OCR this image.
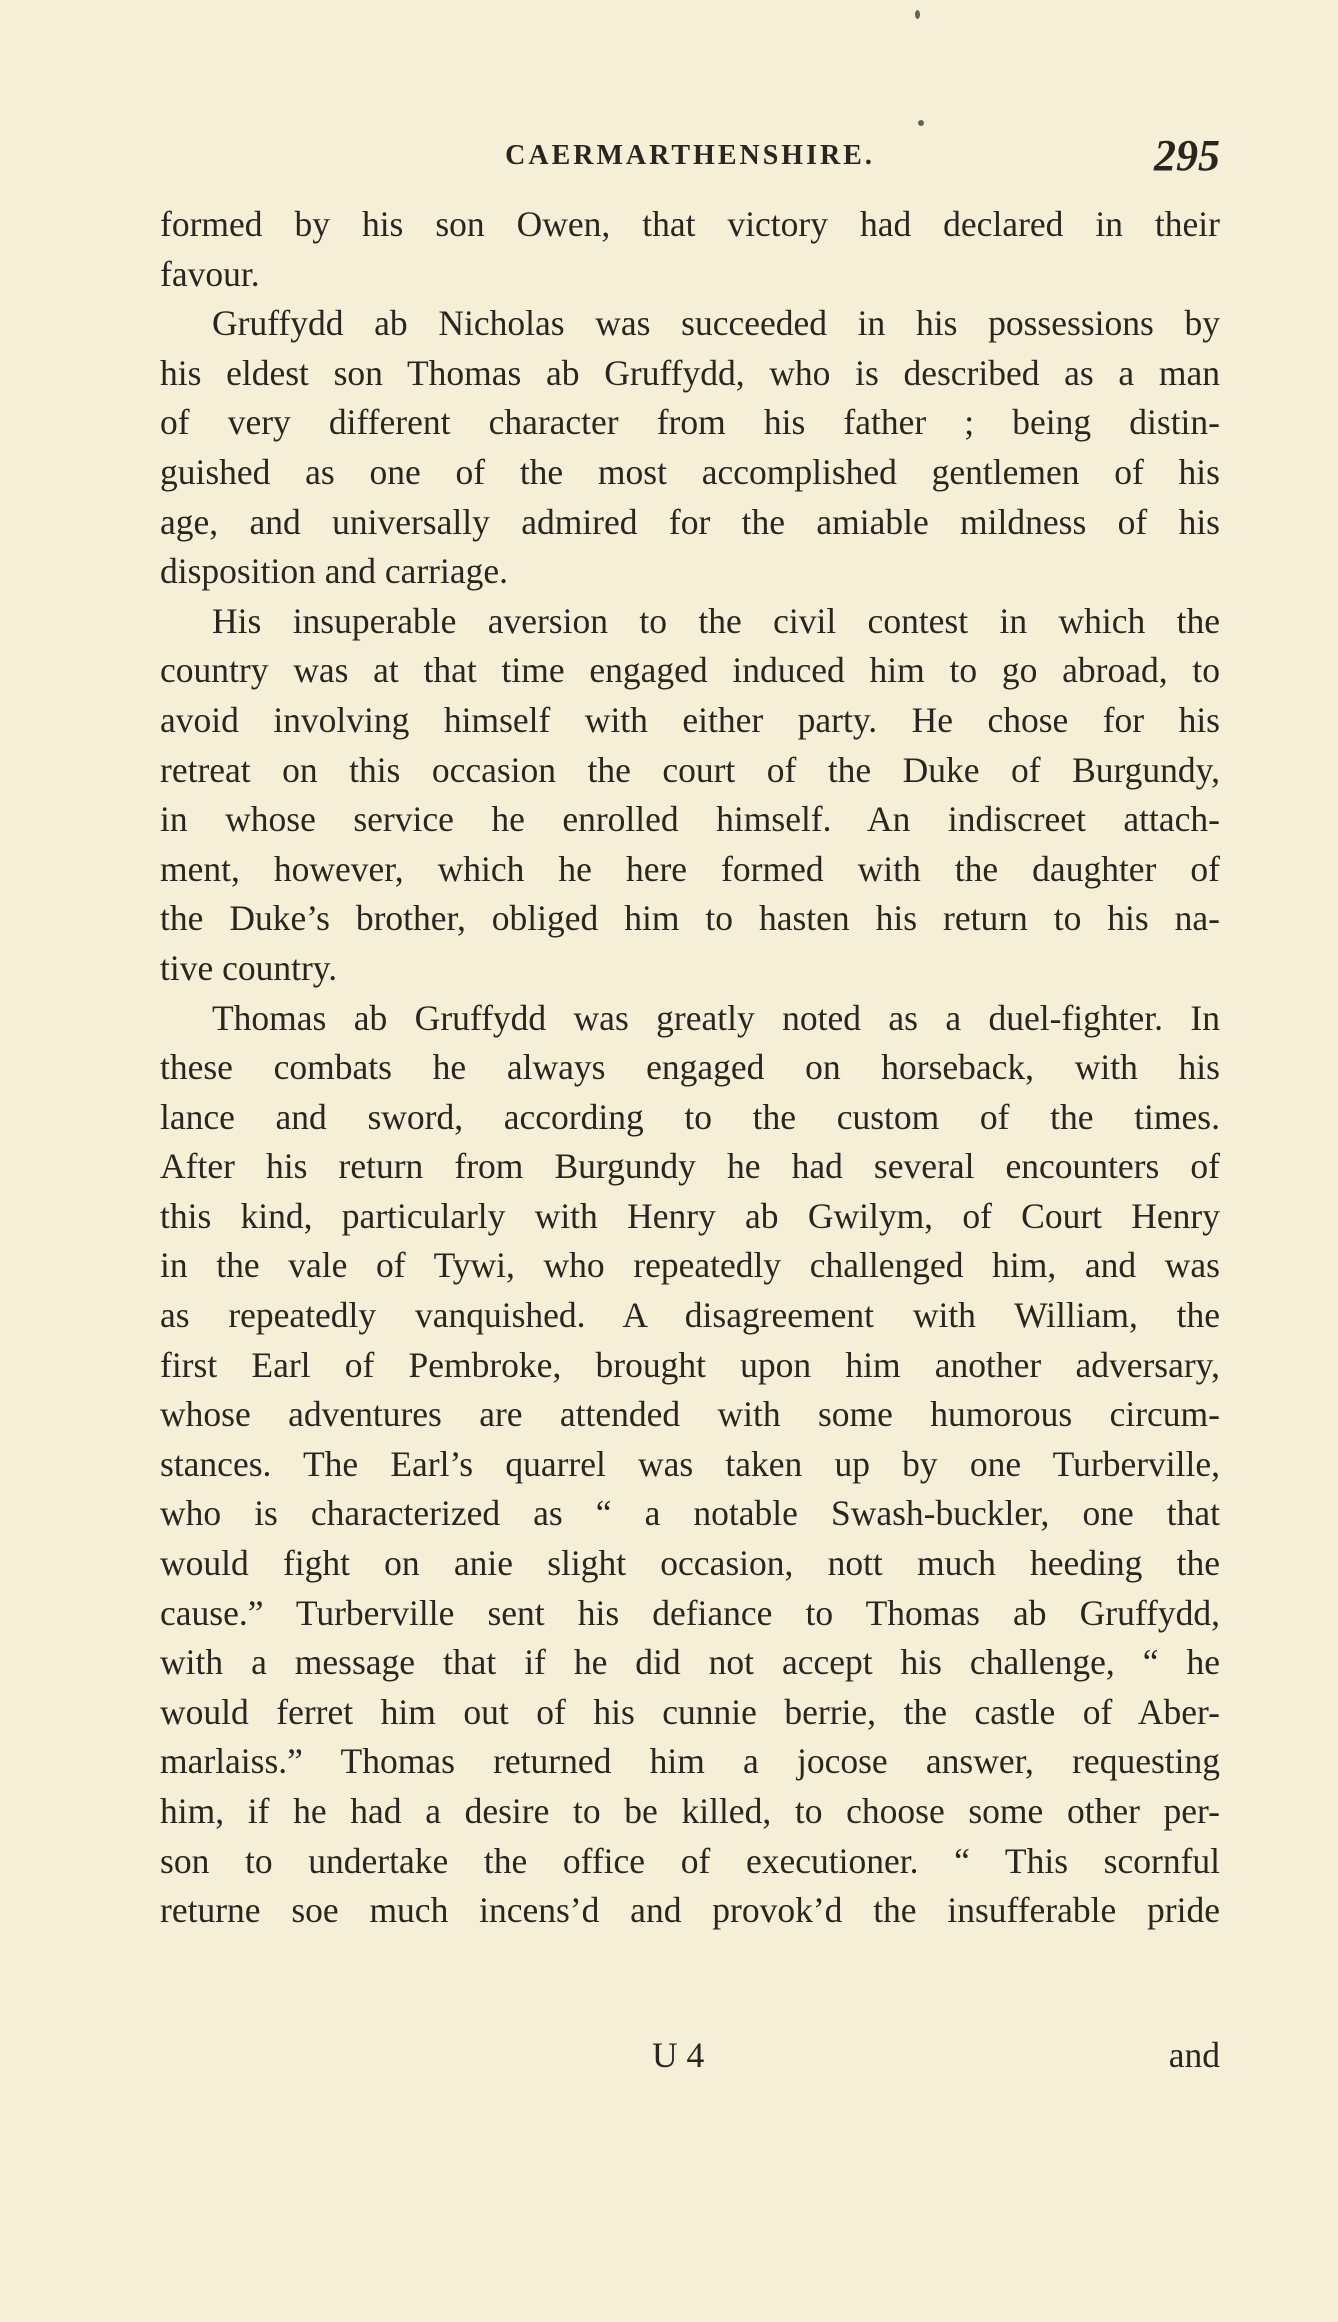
CAERMARTHENSHIRE.	295
formed by his son Owen, that victory had declared in their
favour.
Gruffydd ab Nicholas was succeeded in his possessions by
his eldest son Thomas ab Gruffydd, who is described as a man
of very different character from his father ; being distin-
guished as one of the most accomplished gentlemen of his
age, and universally admired for the amiable mildness of his
disposition and carriage.
His insuperable aversion to the civil contest in which the
country was at that time engaged induced him to go abroad, to
avoid involving himself with either party. He chose for his
retreat on this occasion the court of the Duke of Burgundy,
in whose service he enrolled himself. An indiscreet attach-
ment, however, which he here formed with the daughter of
the Duke’s brother, obliged him to hasten his return to his na-
tive country.
Thomas ab Gruffydd was greatly noted as a duel-fighter. In
these combats he always engaged on horseback, with his
lance and sword, according to the custom of the times.
After his return from Burgundy he had several encounters of
this kind, particularly with Henry ab Gwilym, of Court Henry
in the vale of Tywi, who repeatedly challenged him, and was
as repeatedly vanquished. A disagreement with William, the
first Earl of Pembroke, brought upon him another adversary,
whose adventures are attended with some humorous circum-
stances. The Earl’s quarrel was taken up by one Turberville,
who is characterized as “ a notable Swash-buckler, one that
would fight on anie slight occasion, nott much heeding the
cause.” Turberville sent his defiance to Thomas ab Gruffydd,
with a message that if he did not accept his challenge, “ he
would ferret him out of his cunnie berrie, the castle of Aber-
marlaiss.” Thomas returned him a jocose answer, requesting
him, if he had a desire to be killed, to choose some other per-
son to undertake the office of executioner. “ This scornful
returne soe much incens’d and provok’d the insufferable pride
U 4	and
